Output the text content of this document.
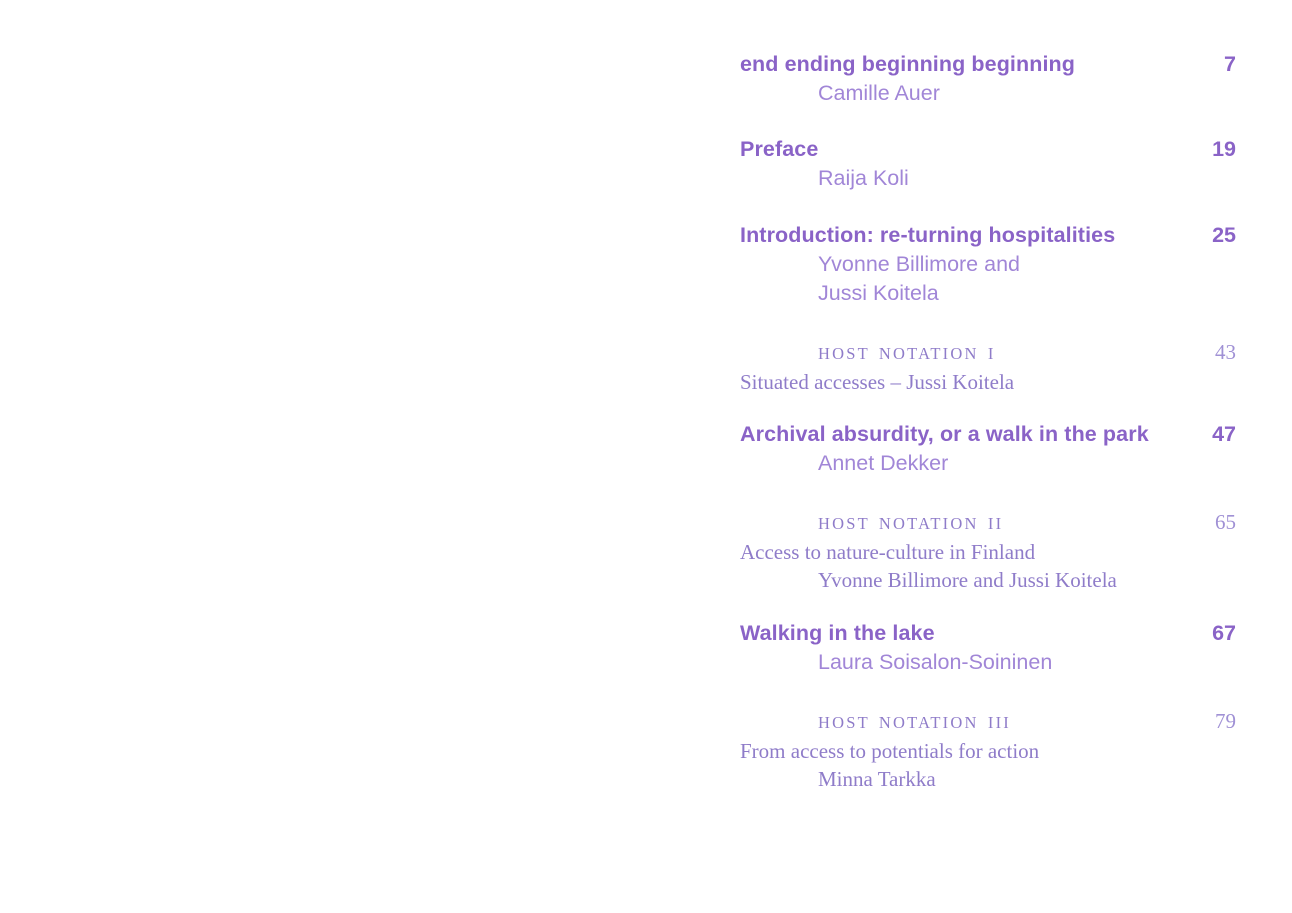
end ending beginning beginning	7
Camille Auer
Preface	19
Raija Koli
Introduction: re-turning hospitalities	25
Yvonne Billimore and
Jussi Koitela
HOST NOTATION I	43
Situated accesses – Jussi Koitela
Archival absurdity, or a walk in the park	47
Annet Dekker
HOST NOTATION II	65
Access to nature-culture in Finland
Yvonne Billimore and Jussi Koitela
Walking in the lake	67
Laura Soisalon-Soininen
HOST NOTATION III	79
From access to potentials for action
Minna Tarkka
